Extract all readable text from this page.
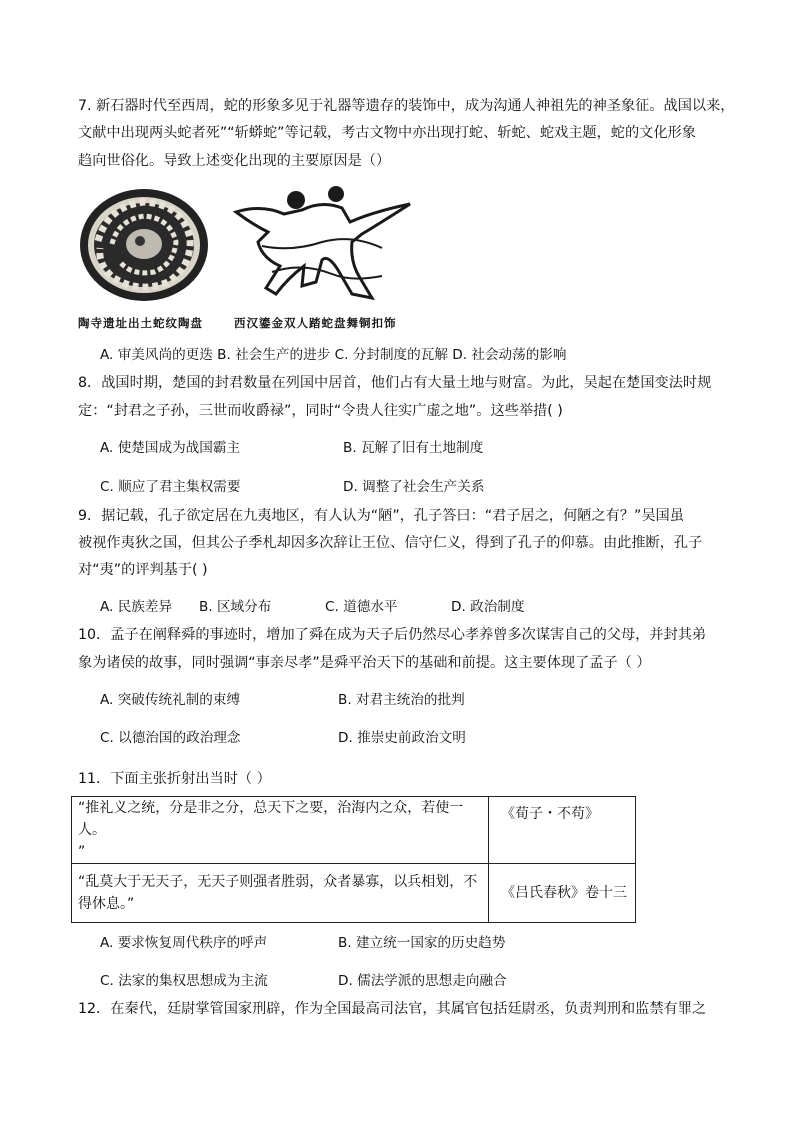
7. 新石器时代至西周，蛇的形象多见于礼器等遗存的装饰中，成为沟通人神祖先的神圣象征。战国以来，
文献中出现两头蛇者死”“斩蟒蛇”等记载，考古文物中亦出现打蛇、斩蛇、蛇戏主题，蛇的文化形象
趋向世俗化。导致上述变化出现的主要原因是（）
陶寺遗址出土蛇纹陶盘	西汉鎏金双人踏蛇盘舞铜扣饰
A. 审美风尚的更迭 B. 社会生产的进步 C. 分封制度的瓦解 D. 社会动荡的影响
8．战国时期，楚国的封君数量在列国中居首，他们占有大量土地与财富。为此，吴起在楚国变法时规
定：“封君之子孙，三世而收爵禄”，同时“令贵人往实广虚之地”。这些举措( )
A. 使楚国成为战国霸主	B. 瓦解了旧有土地制度
C. 顺应了君主集权需要	D. 调整了社会生产关系
9．据记载，孔子欲定居在九夷地区，有人认为“陋”，孔子答曰：“君子居之，何陋之有？”吴国虽
被视作夷狄之国，但其公子季札却因多次辞让王位、信守仁义，得到了孔子的仰慕。由此推断，孔子
对“夷”的评判基于( )
A. 民族差异 B. 区域分布	C. 道德水平	D. 政治制度
10．孟子在阐释舜的事迹时，增加了舜在成为天子后仍然尽心孝养曾多次谋害自己的父母，并封其弟
象为诸侯的故事，同时强调“事亲尽孝”是舜平治天下的基础和前提。这主要体现了孟子（ ）
A. 突破传统礼制的束缚	B. 对君主统治的批判
C. 以德治国的政治理念	D. 推崇史前政治文明
11．下面主张折射出当时（ ）
“推礼义之统，分是非之分，总天下之要，治海内之众，若使一人。
”	《荀子・不苟》

“乱莫大于无天子，无天子则强者胜弱，众者暴寡，以兵相划，不
得休息。”	《吕氏春秋》卷十三
A. 要求恢复周代秩序的呼声	B. 建立统一国家的历史趋势
C. 法家的集权思想成为主流	D. 儒法学派的思想走向融合
12．在秦代，廷尉掌管国家刑辟，作为全国最高司法官，其属官包括廷尉丞，负责判刑和监禁有罪之
